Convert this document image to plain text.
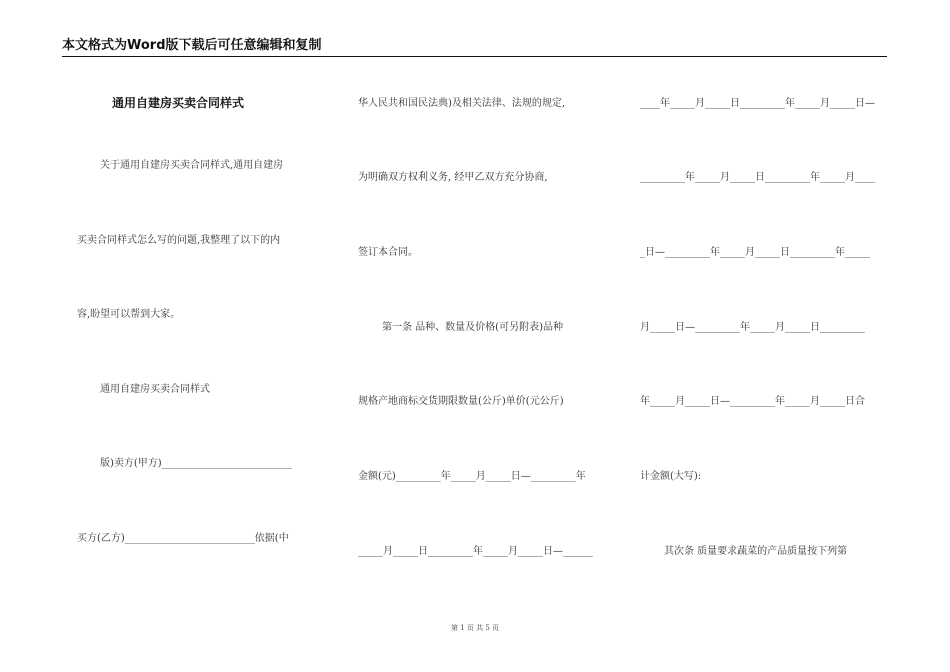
本文格式为Word版下载后可任意编辑和复制
通用自建房买卖合同样式
关于通用自建房买卖合同样式,通用自建房
买卖合同样式怎么写的问题,我整理了以下的内
容,盼望可以帮到大家。
通用自建房买卖合同样式
版)卖方(甲方)__________________________
买方(乙方)__________________________依据(中
华人民共和国民法典)及相关法律、法规的规定,
为明确双方权利义务, 经甲乙双方充分协商,
签订本合同。
第一条 品种、数量及价格(可另附表)品种
规格产地商标交货期限数量(公斤)单价(元公斤)
金额(元)_________年_____月_____日—_________年
_____月_____日_________年_____月_____日—______
____年_____月_____日_________年_____月_____日—
_________年_____月_____日_________年_____月____
_日—_________年_____月_____日_________年_____
月_____日—_________年_____月_____日_________
年_____月_____日—_________年_____月_____日合
计金额(大写):
其次条 质量要求蔬菜的产品质量按下列第
第 1 页 共 5 页
